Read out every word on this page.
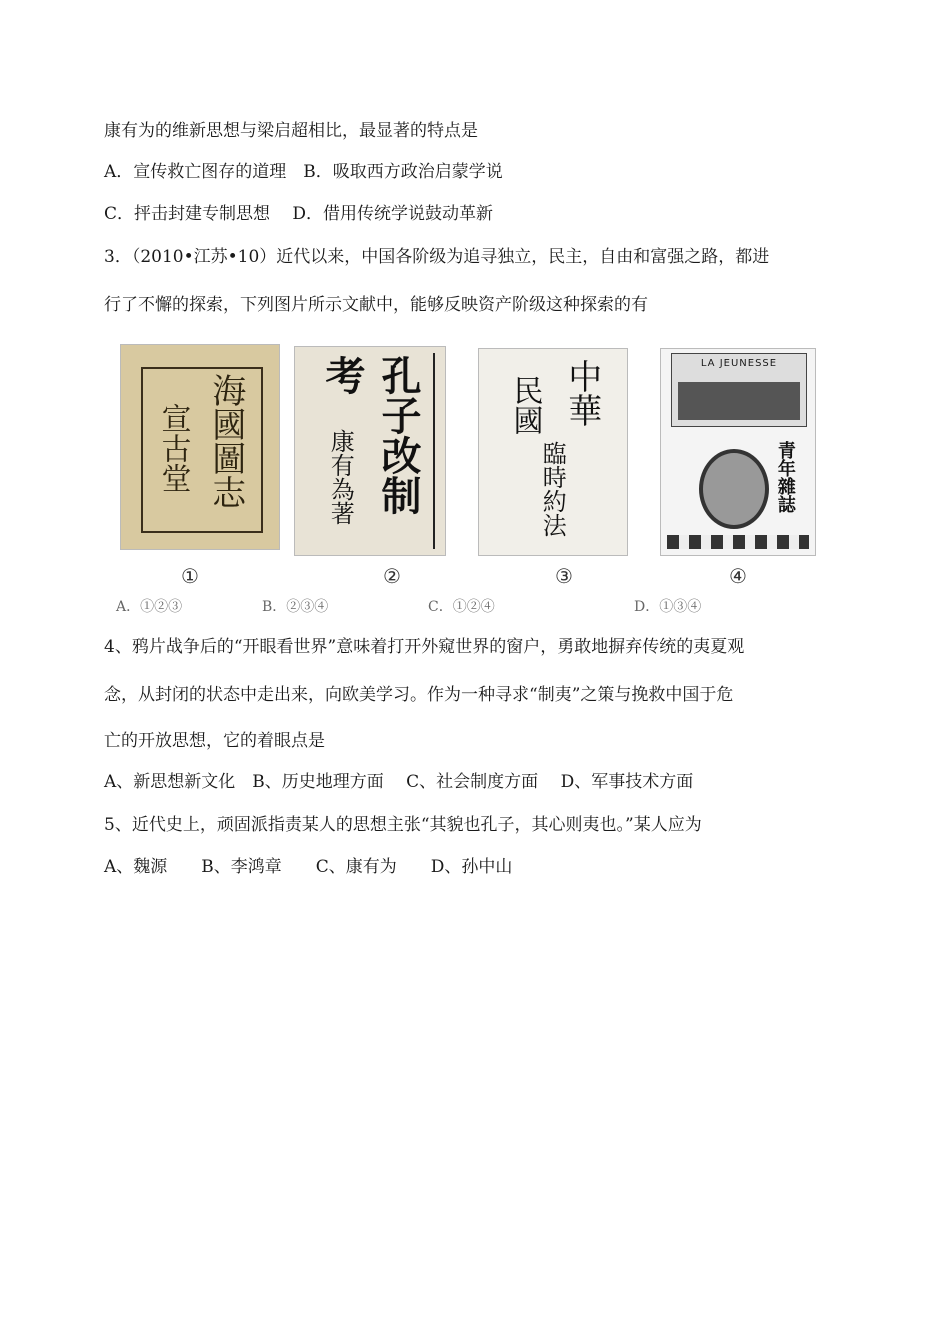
康有为的维新思想与梁启超相比，最显著的特点是
A．宣传救亡图存的道理　B．吸取西方政治启蒙学说
C．抨击封建专制思想　 D．借用传统学说鼓动革新
3．（2010•江苏•10）近代以来，中国各阶级为追寻独立，民主，自由和富强之路，都进
行了不懈的探索，下列图片所示文献中，能够反映资产阶级这种探索的有
海國圖志
宣古堂	孔子改制
考
康有為著
中華
民國
臨時約法
LA JEUNESSE
青年雜誌
①	②	③	④
A．①②③	B．②③④	C．①②④	D．①③④
4、鸦片战争后的“开眼看世界”意味着打开外窥世界的窗户，勇敢地摒弃传统的夷夏观
念，从封闭的状态中走出来，向欧美学习。作为一种寻求“制夷”之策与挽救中国于危
亡的开放思想，它的着眼点是
A、新思想新文化　B、历史地理方面　 C、社会制度方面　 D、军事技术方面
5、近代史上，顽固派指责某人的思想主张“其貌也孔子，其心则夷也。”某人应为
A、魏源　　B、李鸿章　　C、康有为　　D、孙中山
